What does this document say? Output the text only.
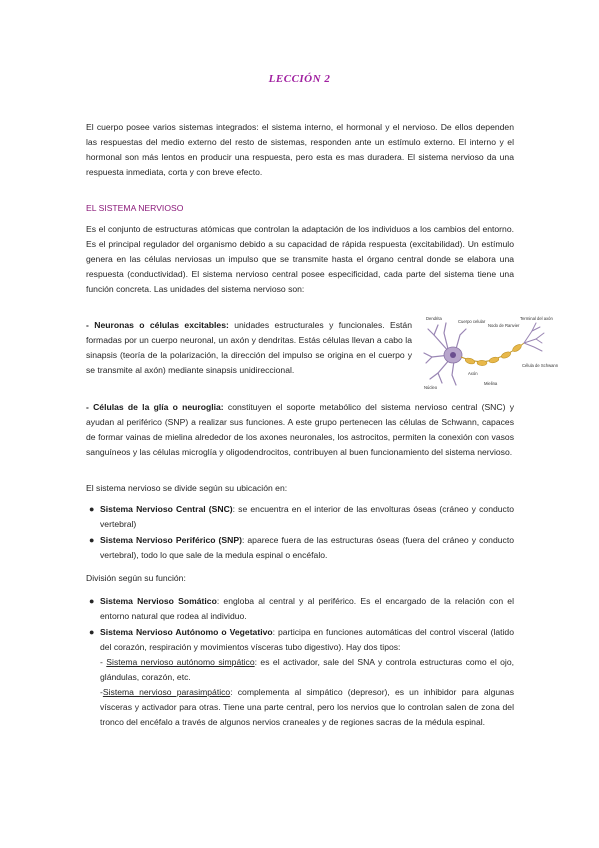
LECCIÓN 2

El cuerpo posee varios sistemas integrados: el sistema interno, el hormonal y el nervioso. De ellos dependen las respuestas del medio externo del resto de sistemas, responden ante un estímulo externo. El interno y el hormonal son más lentos en producir una respuesta, pero esta es mas duradera. El sistema nervioso da una respuesta inmediata, corta y con breve efecto.

EL SISTEMA NERVIOSO

Es el conjunto de estructuras atómicas que controlan la adaptación de los individuos a los cambios del entorno. Es el principal regulador del organismo debido a su capacidad de rápida respuesta (excitabilidad). Un estímulo genera en las células nerviosas un impulso que se transmite hasta el órgano central donde se elabora una respuesta (conductividad). El sistema nervioso central posee especificidad, cada parte del sistema tiene una función concreta. Las unidades del sistema nervioso son:

- Neuronas o células excitables: unidades estructurales y funcionales. Están formadas por un cuerpo neuronal, un axón y dendritas. Estás células llevan a cabo la sinapsis (teoría de la polarización, la dirección del impulso se origina en el cuerpo y se transmite al axón) mediante sinapsis unidireccional.

Dendrita
Cuerpo celular
Nodo de Ranvier
Terminal del axón
Célula de Schwann
Núcleo
Axón
Mielina

- Células de la glía o neuroglia: constituyen el soporte metabólico del sistema nervioso central (SNC) y ayudan al periférico (SNP) a realizar sus funciones. A este grupo pertenecen las células de Schwann, capaces de formar vainas de mielina alrededor de los axones neuronales, los astrocitos, permiten la conexión con vasos sanguíneos y las células microglía y oligodendrocitos, contribuyen al buen funcionamiento del sistema nervioso.

El sistema nervioso se divide según su ubicación en:

● Sistema Nervioso Central (SNC): se encuentra en el interior de las envolturas óseas (cráneo y conducto vertebral)
● Sistema Nervioso Periférico (SNP): aparece fuera de las estructuras óseas (fuera del cráneo y conducto vertebral), todo lo que sale de la medula espinal o encéfalo.

División según su función:

● Sistema Nervioso Somático: engloba al central y al periférico. Es el encargado de la relación con el entorno natural que rodea al individuo.
● Sistema Nervioso Autónomo o Vegetativo: participa en funciones automáticas del control visceral (latido del corazón, respiración y movimientos vísceras tubo digestivo). Hay dos tipos:
- Sistema nervioso autónomo simpático: es el activador, sale del SNA y controla estructuras como el ojo, glándulas, corazón, etc.
-Sistema nervioso parasimpático: complementa al simpático (depresor), es un inhibidor para algunas vísceras y activador para otras. Tiene una parte central, pero los nervios que lo controlan salen de zona del tronco del encéfalo a través de algunos nervios craneales y de regiones sacras de la médula espinal.
